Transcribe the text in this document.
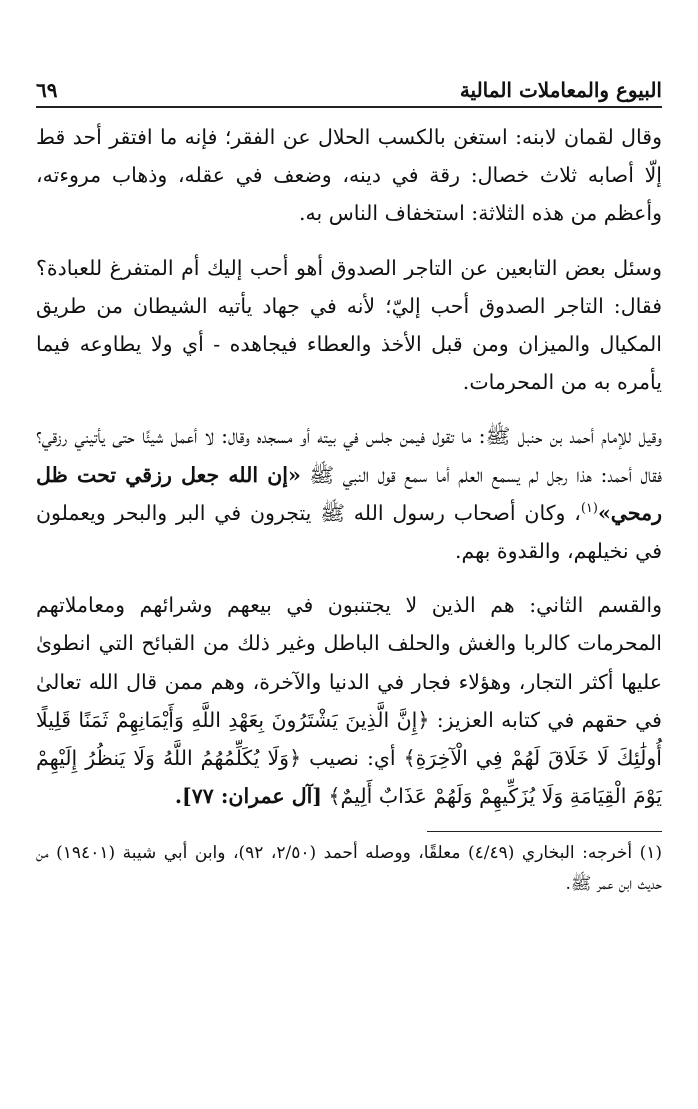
البيوع والمعاملات المالية
٦٩

وقال لقمان لابنه: استغن بالكسب الحلال عن الفقر؛ فإنه ما افتقر أحد قط إلّا أصابه ثلاث خصال: رقة في دينه، وضعف في عقله، وذهاب مروءته، وأعظم من هذه الثلاثة: استخفاف الناس به.

وسئل بعض التابعين عن التاجر الصدوق أهو أحب إليك أم المتفرغ للعبادة؟ فقال: التاجر الصدوق أحب إليّ؛ لأنه في جهاد يأتيه الشيطان من طريق المكيال والميزان ومن قبل الأخذ والعطاء فيجاهده - أي ولا يطاوعه فيما يأمره به من المحرمات.

وقيل للإمام أحمد بن حنبل ﷺ: ما تقول فيمن جلس في بيته أو مسجده وقال: لا أعمل شيئًا حتى يأتيني رزقي؟ فقال أحمد: هذا رجل لم يسمع العلم أما سمع قول النبي ﷺ «إن الله جعل رزقي تحت ظل رمحي»$^{(١)}$، وكان أصحاب رسول الله ﷺ يتجرون في البر والبحر ويعملون في نخيلهم، والقدوة بهم.

والقسم الثاني: هم الذين لا يجتنبون في بيعهم وشرائهم ومعاملاتهم المحرمات كالربا والغش والحلف الباطل وغير ذلك من القبائح التي انطوىٰ عليها أكثر التجار، وهؤلاء فجار في الدنيا والآخرة، وهم ممن قال الله تعالىٰ في حقهم في كتابه العزيز: ﴿إِنَّ الَّذِينَ يَشْتَرُونَ بِعَهْدِ اللَّهِ وَأَيْمَانِهِمْ ثَمَنًا قَلِيلًا أُولَٰئِكَ لَا خَلَاقَ لَهُمْ فِي الْآخِرَةِ﴾ أي: نصيب ﴿وَلَا يُكَلِّمُهُمُ اللَّهُ وَلَا يَنظُرُ إِلَيْهِمْ يَوْمَ الْقِيَامَةِ وَلَا يُزَكِّيهِمْ وَلَهُمْ عَذَابٌ أَلِيمٌ﴾ [آل عمران: ٧٧].

(١) أخرجه: البخاري (٤/٤٩) معلقًا، ووصله أحمد (٢/٥٠، ٩٢)، وابن أبي شيبة (١٩٤٠١) من حديث ابن عمر ﷺ.
